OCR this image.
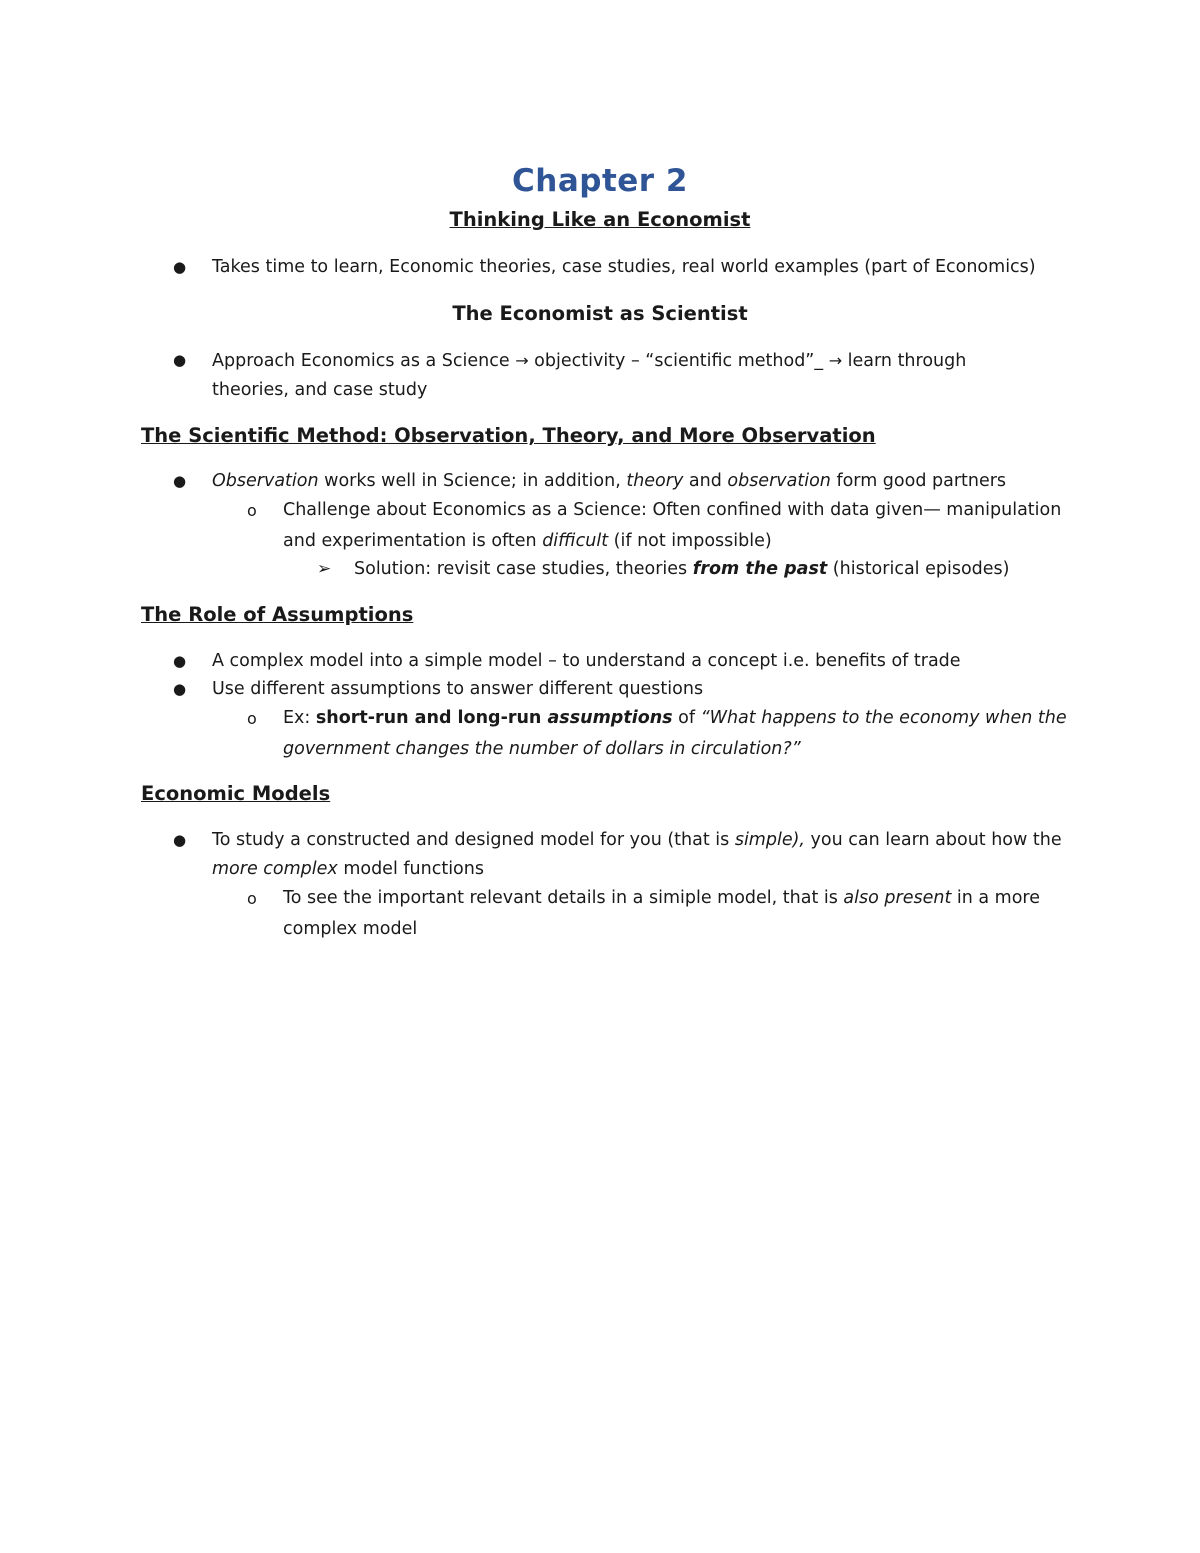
Chapter 2
Thinking Like an Economist
● Takes time to learn, Economic theories, case studies, real world examples (part of Economics)
The Economist as Scientist
● Approach Economics as a Science → objectivity – “scientific method”_ → learn through
theories, and case study
The Scientific Method: Observation, Theory, and More Observation
● Observation works well in Science; in addition, theory and observation form good partners
o Challenge about Economics as a Science: Often confined with data given— manipulation
and experimentation is often difficult (if not impossible)
➢ Solution: revisit case studies, theories from the past (historical episodes)
The Role of Assumptions
● A complex model into a simple model – to understand a concept i.e. benefits of trade
● Use different assumptions to answer different questions
o Ex: short-run and long-run assumptions of “What happens to the economy when the
government changes the number of dollars in circulation?”
Economic Models
● To study a constructed and designed model for you (that is simple), you can learn about how the
more complex model functions
o To see the important relevant details in a simiple model, that is also present in a more
complex model
